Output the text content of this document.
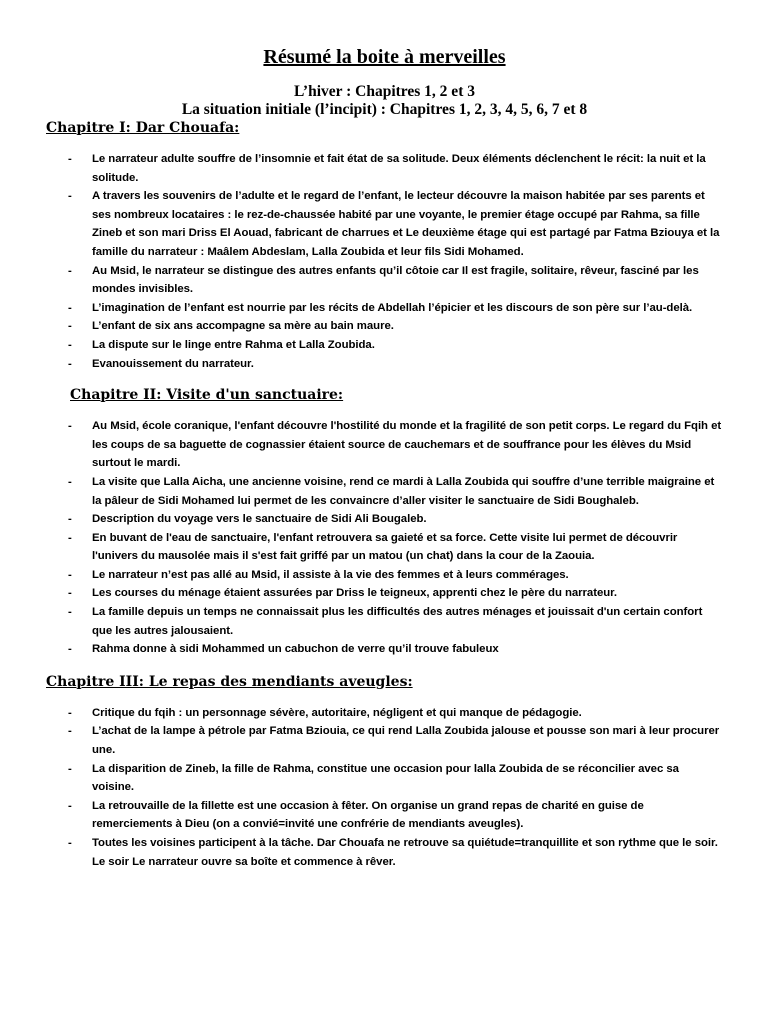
Résumé la boite à merveilles

L’hiver : Chapitres 1, 2 et 3

La situation initiale (l’incipit) : Chapitres 1, 2, 3, 4, 5, 6, 7 et 8

Chapitre I: Dar Chouafa:
- Le narrateur adulte souffre de l’insomnie et fait état de sa solitude. Deux éléments déclenchent le récit: la nuit et la solitude.
- A travers les souvenirs de l’adulte et le regard de l’enfant, le lecteur découvre la maison habitée par ses parents et ses nombreux locataires : le rez-de-chaussée habité par une voyante, le premier étage occupé par Rahma, sa fille Zineb et son mari Driss El Aouad, fabricant de charrues et Le deuxième étage qui est partagé par Fatma Bziouya et la famille du narrateur : Maâlem Abdeslam, Lalla Zoubida et leur fils Sidi Mohamed.
- Au Msid, le narrateur se distingue des autres enfants qu’il côtoie car Il est fragile, solitaire, rêveur, fasciné par les mondes invisibles.
- L’imagination de l’enfant est nourrie par les récits de Abdellah l’épicier et les discours de son père sur l’au-delà.
- L’enfant de six ans accompagne sa mère au bain maure.
- La dispute sur le linge entre Rahma et Lalla Zoubida.
- Evanouissement du narrateur.
Chapitre II: Visite d'un sanctuaire:
- Au Msid, école coranique, l'enfant découvre l'hostilité du monde et la fragilité de son petit corps. Le regard du Fqih et les coups de sa baguette de cognassier étaient source de cauchemars et de souffrance pour les élèves du Msid surtout le mardi.
- La visite que Lalla Aicha, une ancienne voisine, rend ce mardi à Lalla Zoubida qui souffre d’une terrible maigraine et la pâleur de Sidi Mohamed lui permet de les convaincre d’aller visiter le sanctuaire de Sidi Boughaleb.
- Description du voyage vers le sanctuaire de Sidi Ali Bougaleb.
- En buvant de l'eau de sanctuaire, l'enfant retrouvera sa gaieté et sa force. Cette visite lui permet de découvrir l'univers du mausolée mais il s'est fait griffé par un matou (un chat) dans la cour de la Zaouia.
- Le narrateur n’est pas allé au Msid, il assiste à la vie des femmes et à leurs commérages.
- Les courses du ménage étaient assurées par Driss le teigneux, apprenti chez le père du narrateur.
- La famille depuis un temps ne connaissait plus les difficultés des autres ménages et jouissait d'un certain confort que les autres jalousaient.
- Rahma donne à sidi Mohammed un cabuchon de verre qu’il trouve fabuleux
Chapitre III: Le repas des mendiants aveugles:
- Critique du fqih : un personnage sévère, autoritaire, négligent et qui manque de pédagogie.
- L’achat de la lampe à pétrole par Fatma Bziouia, ce qui rend Lalla Zoubida jalouse et pousse son mari à leur procurer une.
- La disparition de Zineb, la fille de Rahma, constitue une occasion pour lalla Zoubida de se réconcilier avec sa voisine.
- La retrouvaille de la fillette est une occasion à fêter. On organise un grand repas de charité en guise de remerciements à Dieu (on a convié=invité une confrérie de mendiants aveugles).
- Toutes les voisines participent à la tâche. Dar Chouafa ne retrouve sa quiétude=tranquillite et son rythme que le soir. Le soir Le narrateur ouvre sa boîte et commence à rêver.
